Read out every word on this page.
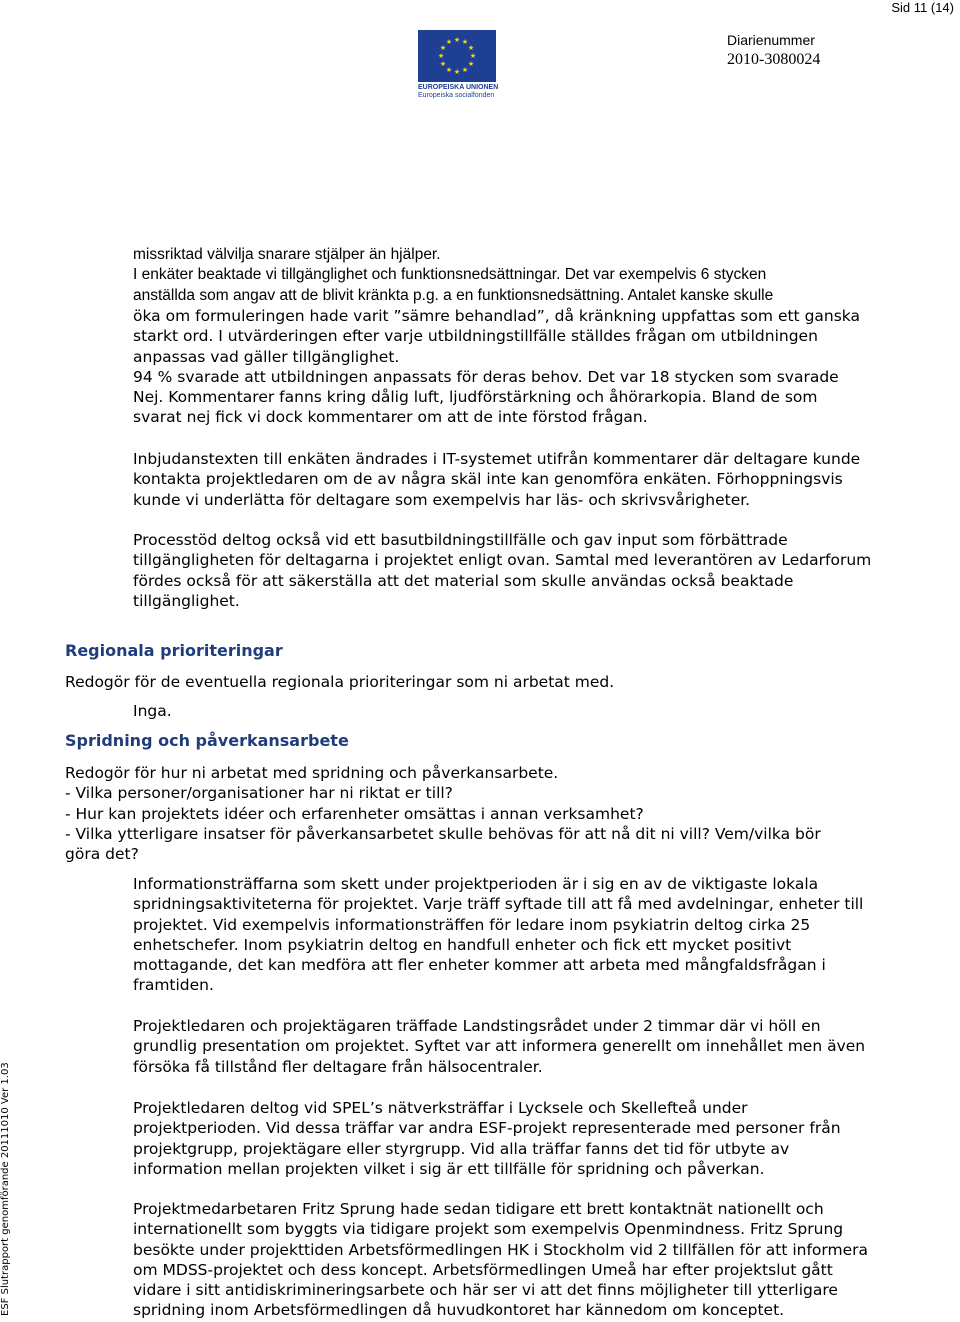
Sid 11 (14)
★ ★
★
★
★
★
★
★
★
★
★
★
EUROPEISKA UNIONEN
Europeiska socialfonden
Diarienummer
2010-3080024
ESF Slutrapport genomförande 20111010 Ver 1.03
missriktad välvilja snarare stjälper än hjälper.
I enkäter beaktade vi tillgänglighet och funktionsnedsättningar. Det var exempelvis 6 stycken
anställda som angav att de blivit kränkta p.g. a en funktionsnedsättning. Antalet kanske skulle
öka om formuleringen hade varit ”sämre behandlad”, då kränkning uppfattas som ett ganska
starkt ord. I utvärderingen efter varje utbildningstillfälle ställdes frågan om utbildningen
anpassas vad gäller tillgänglighet.
94 % svarade att utbildningen anpassats för deras behov. Det var 18 stycken som svarade
Nej. Kommentarer fanns kring dålig luft, ljudförstärkning och åhörarkopia. Bland de som
svarat nej fick vi dock kommentarer om att de inte förstod frågan.
Inbjudanstexten till enkäten ändrades i IT-systemet utifrån kommentarer där deltagare kunde
kontakta projektledaren om de av några skäl inte kan genomföra enkäten. Förhoppningsvis
kunde vi underlätta för deltagare som exempelvis har läs- och skrivsvårigheter.
Processtöd deltog också vid ett basutbildningstillfälle och gav input som förbättrade
tillgängligheten för deltagarna i projektet enligt ovan. Samtal med leverantören av Ledarforum
fördes också för att säkerställa att det material som skulle användas också beaktade
tillgänglighet.
Regionala prioriteringar
Redogör för de eventuella regionala prioriteringar som ni arbetat med.
Inga.
Spridning och påverkansarbete
Redogör för hur ni arbetat med spridning och påverkansarbete.
- Vilka personer/organisationer har ni riktat er till?
- Hur kan projektets idéer och erfarenheter omsättas i annan verksamhet?
- Vilka ytterligare insatser för påverkansarbetet skulle behövas för att nå dit ni vill? Vem/vilka bör
göra det?
Informationsträffarna som skett under projektperioden är i sig en av de viktigaste lokala
spridningsaktiviteterna för projektet. Varje träff syftade till att få med avdelningar, enheter till
projektet. Vid exempelvis informationsträffen för ledare inom psykiatrin deltog cirka 25
enhetschefer. Inom psykiatrin deltog en handfull enheter och fick ett mycket positivt
mottagande, det kan medföra att fler enheter kommer att arbeta med mångfaldsfrågan i
framtiden.
Projektledaren och projektägaren träffade Landstingsrådet under 2 timmar där vi höll en
grundlig presentation om projektet. Syftet var att informera generellt om innehållet men även
försöka få tillstånd fler deltagare från hälsocentraler.
Projektledaren deltog vid SPEL’s nätverksträffar i Lycksele och Skellefteå under
projektperioden. Vid dessa träffar var andra ESF-projekt representerade med personer från
projektgrupp, projektägare eller styrgrupp. Vid alla träffar fanns det tid för utbyte av
information mellan projekten vilket i sig är ett tillfälle för spridning och påverkan.
Projektmedarbetaren Fritz Sprung hade sedan tidigare ett brett kontaktnät nationellt och
internationellt som byggts via tidigare projekt som exempelvis Openmindness. Fritz Sprung
besökte under projekttiden Arbetsförmedlingen HK i Stockholm vid 2 tillfällen för att informera
om MDSS-projektet och dess koncept. Arbetsförmedlingen Umeå har efter projektslut gått
vidare i sitt antidiskrimineringsarbete och här ser vi att det finns möjligheter till ytterligare
spridning inom Arbetsförmedlingen då huvudkontoret har kännedom om konceptet.
